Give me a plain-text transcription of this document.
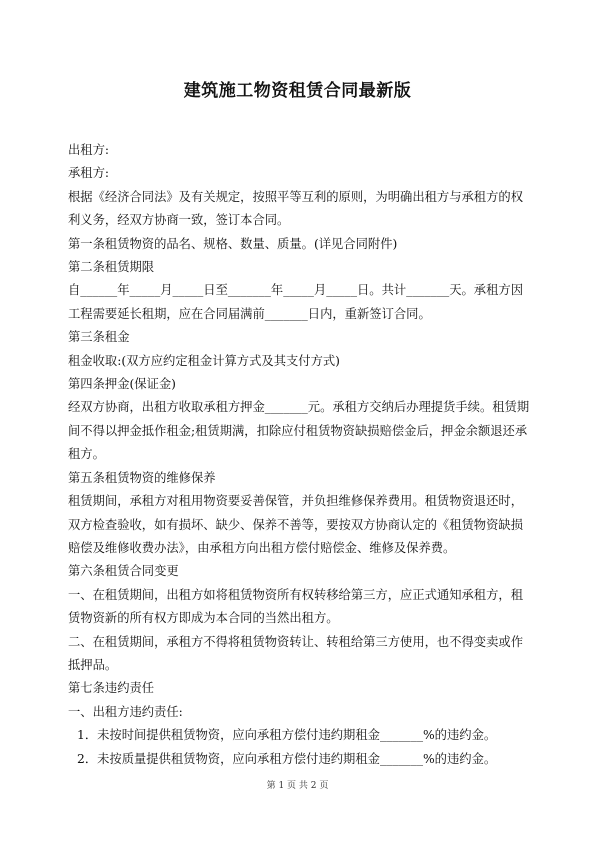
建筑施工物资租赁合同最新版

出租方:

承租方:

根据《经济合同法》及有关规定，按照平等互利的原则，为明确出租方与承租方的权利义务，经双方协商一致，签订本合同。

第一条租赁物资的品名、规格、数量、质量。(详见合同附件)

第二条租赁期限

自______年_____月_____日至_______年_____月_____日。共计_______天。承租方因工程需要延长租期，应在合同届满前_______日内，重新签订合同。

第三条租金

租金收取:(双方应约定租金计算方式及其支付方式)

第四条押金(保证金)

经双方协商，出租方收取承租方押金_______元。承租方交纳后办理提货手续。租赁期间不得以押金抵作租金;租赁期满，扣除应付租赁物资缺损赔偿金后，押金余额退还承租方。

第五条租赁物资的维修保养

租赁期间，承租方对租用物资要妥善保管，并负担维修保养费用。租赁物资退还时，双方检查验收，如有损坏、缺少、保养不善等，要按双方协商认定的《租赁物资缺损赔偿及维修收费办法》，由承租方向出租方偿付赔偿金、维修及保养费。

第六条租赁合同变更

一、在租赁期间，出租方如将租赁物资所有权转移给第三方，应正式通知承租方，租赁物资新的所有权方即成为本合同的当然出租方。

二、在租赁期间，承租方不得将租赁物资转让、转租给第三方使用，也不得变卖或作抵押品。

第七条违约责任

一、出租方违约责任:

1．未按时间提供租赁物资，应向承租方偿付违约期租金_______%的违约金。

2．未按质量提供租赁物资，应向承租方偿付违约期租金_______%的违约金。

第 1 页 共 2 页
